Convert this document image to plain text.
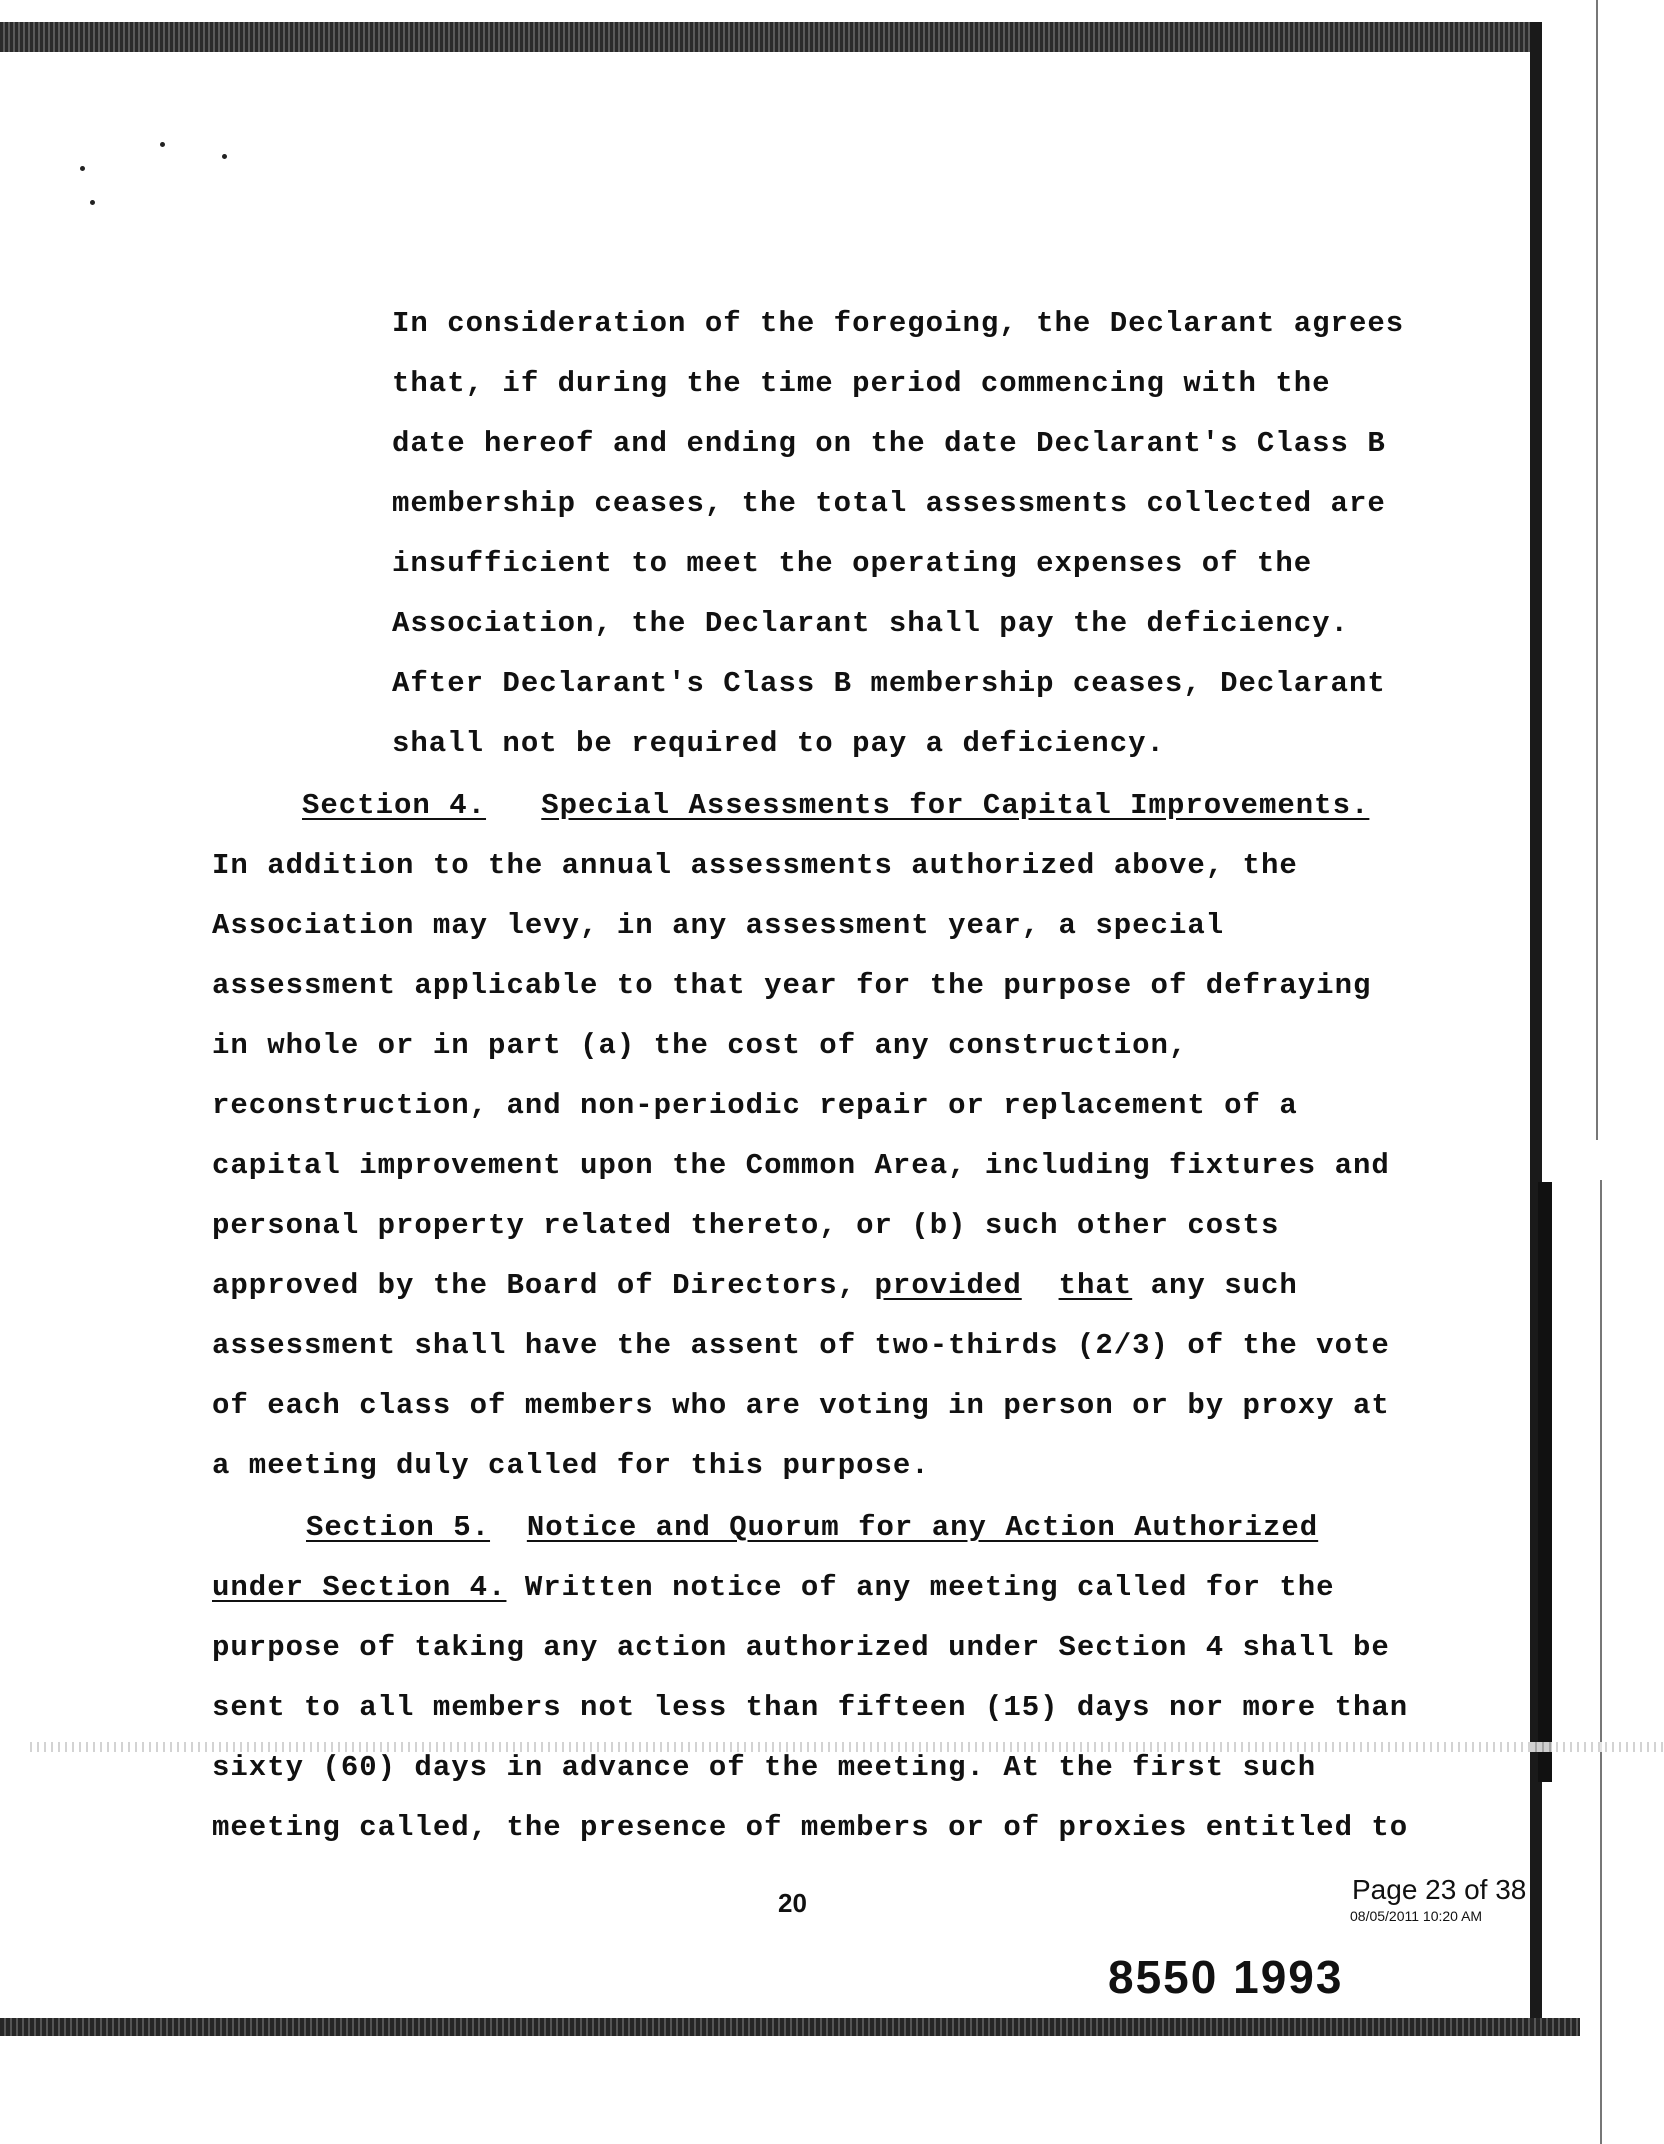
In consideration of the foregoing, the Declarant agrees
that, if during the time period commencing with the
date hereof and ending on the date Declarant's Class B
membership ceases, the total assessments collected are
insufficient to meet the operating expenses of the
Association, the Declarant shall pay the deficiency.
After Declarant's Class B membership ceases, Declarant
shall not be required to pay a deficiency.
Section 4. Special Assessments for Capital Improvements.
In addition to the annual assessments authorized above, the
Association may levy, in any assessment year, a special
assessment applicable to that year for the purpose of defraying
in whole or in part (a) the cost of any construction,
reconstruction, and non-periodic repair or replacement of a
capital improvement upon the Common Area, including fixtures and
personal property related thereto, or (b) such other costs
approved by the Board of Directors, provided that any such
assessment shall have the assent of two-thirds (2/3) of the vote
of each class of members who are voting in person or by proxy at
a meeting duly called for this purpose.
Section 5. Notice and Quorum for any Action Authorized
under Section 4. Written notice of any meeting called for the
purpose of taking any action authorized under Section 4 shall be
sent to all members not less than fifteen (15) days nor more than
sixty (60) days in advance of the meeting. At the first such
meeting called, the presence of members or of proxies entitled to
20	Page 23 of 38
08/05/2011 10:20 AM
8550 1993
